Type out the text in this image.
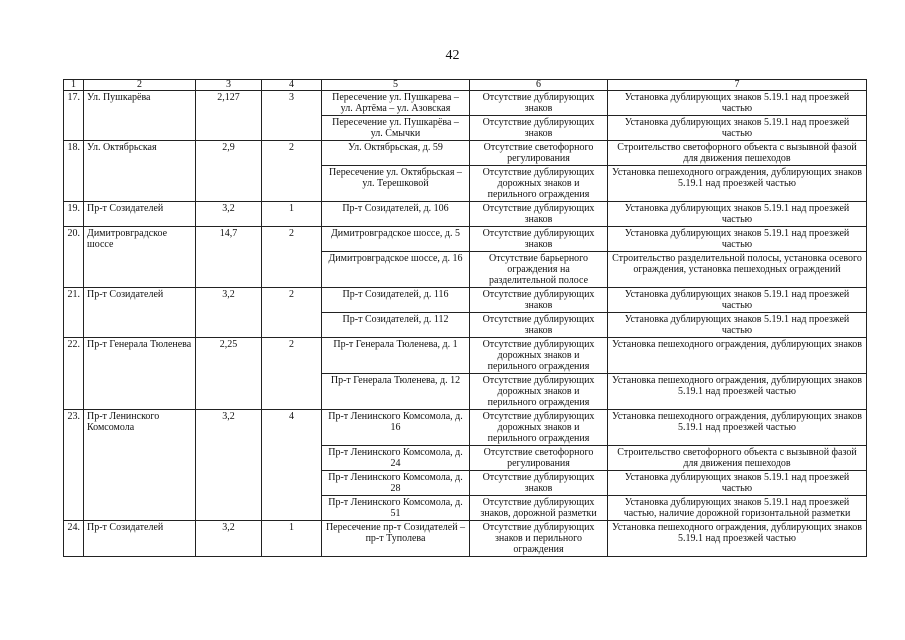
42
1	2	3	4	5	6	7
17.	Ул. Пушкарёва	2,127	3	Пересечение ул. Пушкарева – ул. Артёма – ул. Азовская	Отсутствие дублирующих знаков	Установка дублирующих знаков 5.19.1 над проезжей частью
				Пересечение ул. Пушкарёва – ул. Смычки	Отсутствие дублирующих знаков	Установка дублирующих знаков 5.19.1 над проезжей частью
18.	Ул. Октябрьская	2,9	2	Ул. Октябрьская, д. 59	Отсутствие светофорного регулирования	Строительство светофорного объекта с вызывной фазой для движения пешеходов
				Пересечение ул. Октябрьская – ул. Терешковой	Отсутствие дублирующих дорожных знаков и перильного ограждения	Установка пешеходного ограждения, дублирующих знаков 5.19.1 над проезжей частью
19.	Пр-т Созидателей	3,2	1	Пр-т Созидателей, д. 106	Отсутствие дублирующих знаков	Установка дублирующих знаков 5.19.1 над проезжей частью
20.	Димитровградское шоссе	14,7	2	Димитровградское шоссе, д. 5	Отсутствие дублирующих знаков	Установка дублирующих знаков 5.19.1 над проезжей частью
				Димитровградское шоссе, д. 16	Отсутствие барьерного ограждения на разделительной полосе	Строительство разделительной полосы, установка осевого ограждения, установка пешеходных ограждений
21.	Пр-т Созидателей	3,2	2	Пр-т Созидателей, д. 116	Отсутствие дублирующих знаков	Установка дублирующих знаков 5.19.1 над проезжей частью
				Пр-т Созидателей, д. 112	Отсутствие дублирующих знаков	Установка дублирующих знаков 5.19.1 над проезжей частью
22.	Пр-т Генерала Тюленева	2,25	2	Пр-т Генерала Тюленева, д. 1	Отсутствие дублирующих дорожных знаков и перильного ограждения	Установка пешеходного ограждения, дублирующих знаков
				Пр-т Генерала Тюленева, д. 12	Отсутствие дублирующих дорожных знаков и перильного ограждения	Установка пешеходного ограждения, дублирующих знаков 5.19.1 над проезжей частью
23.	Пр-т Ленинского Комсомола	3,2	4	Пр-т Ленинского Комсомола, д. 16	Отсутствие дублирующих дорожных знаков и перильного ограждения	Установка пешеходного ограждения, дублирующих знаков 5.19.1 над проезжей частью
				Пр-т Ленинского Комсомола, д. 24	Отсутствие светофорного регулирования	Строительство светофорного объекта с вызывной фазой для движения пешеходов
				Пр-т Ленинского Комсомола, д. 28	Отсутствие дублирующих знаков	Установка дублирующих знаков 5.19.1 над проезжей частью
				Пр-т Ленинского Комсомола, д. 51	Отсутствие дублирующих знаков, дорожной разметки	Установка дублирующих знаков 5.19.1 над проезжей частью, наличие дорожной горизонтальной разметки
24.	Пр-т Созидателей	3,2	1	Пересечение пр-т Созидателей – пр-т Туполева	Отсутствие дублирующих знаков и перильного ограждения	Установка пешеходного ограждения, дублирующих знаков 5.19.1 над проезжей частью
